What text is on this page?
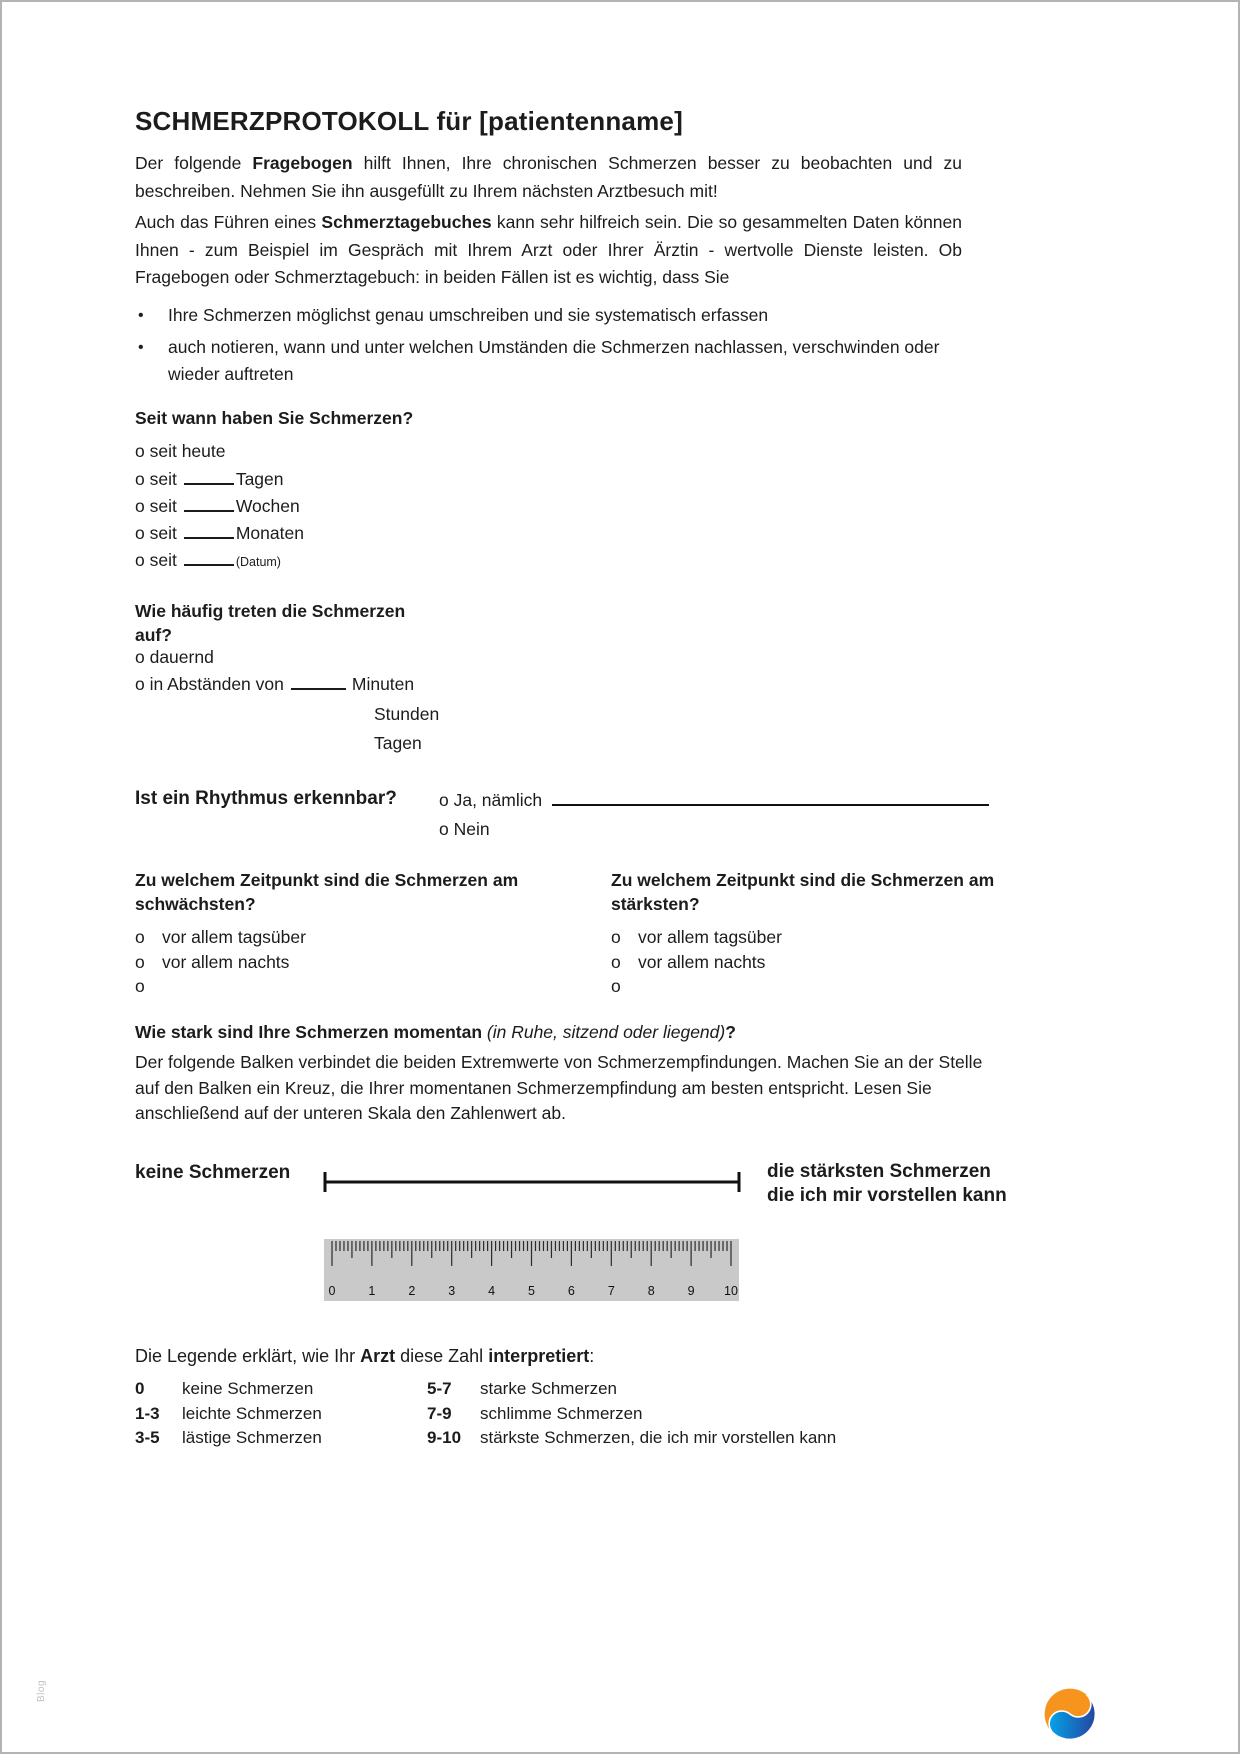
SCHMERZPROTOKOLL für [patientenname]

Der folgende Fragebogen hilft Ihnen, Ihre chronischen Schmerzen besser zu beobachten und zu beschreiben. Nehmen Sie ihn ausgefüllt zu Ihrem nächsten Arztbesuch mit!

Auch das Führen eines Schmerztagebuches kann sehr hilfreich sein. Die so gesammelten Daten können Ihnen - zum Beispiel im Gespräch mit Ihrem Arzt oder Ihrer Ärztin - wertvolle Dienste leisten. Ob Fragebogen oder Schmerztagebuch: in beiden Fällen ist es wichtig, dass Sie

•	Ihre Schmerzen möglichst genau umschreiben und sie systematisch erfassen
•	auch notieren, wann und unter welchen Umständen die Schmerzen nachlassen, verschwinden oder wieder auftreten
Seit wann haben Sie Schmerzen?
o seit heute
o seit	Tagen
o seit	Wochen
o seit	Monaten
o seit	(Datum)
Wie häufig treten die Schmerzen auf?
o dauernd
o in Abständen von	Minuten
Stunden
Tagen
Ist ein Rhythmus erkennbar? o Ja, nämlich
o Nein
Zu welchem Zeitpunkt sind die Schmerzen am schwächsten?
o vor allem tagsüber
o vor allem nachts
o
Zu welchem Zeitpunkt sind die Schmerzen am stärksten?
o vor allem tagsüber
o vor allem nachts
o
Wie stark sind Ihre Schmerzen momentan (in Ruhe, sitzend oder liegend)?
Der folgende Balken verbindet die beiden Extremwerte von Schmerzempfindungen. Machen Sie an der Stelle auf den Balken ein Kreuz, die Ihrer momentanen Schmerzempfindung am besten entspricht. Lesen Sie anschließend auf der unteren Skala den Zahlenwert ab.
keine Schmerzen	die stärksten Schmerzen die ich mir vorstellen kann
0	1	2	3	4	5	6	7	8	9 10
Die Legende erklärt, wie Ihr Arzt diese Zahl interpretiert:
0	keine Schmerzen	5-7	starke Schmerzen
1-3	leichte Schmerzen	7-9	schlimme Schmerzen
3-5	lästige Schmerzen	9-10	stärkste Schmerzen, die ich mir vorstellen kann
Blog
